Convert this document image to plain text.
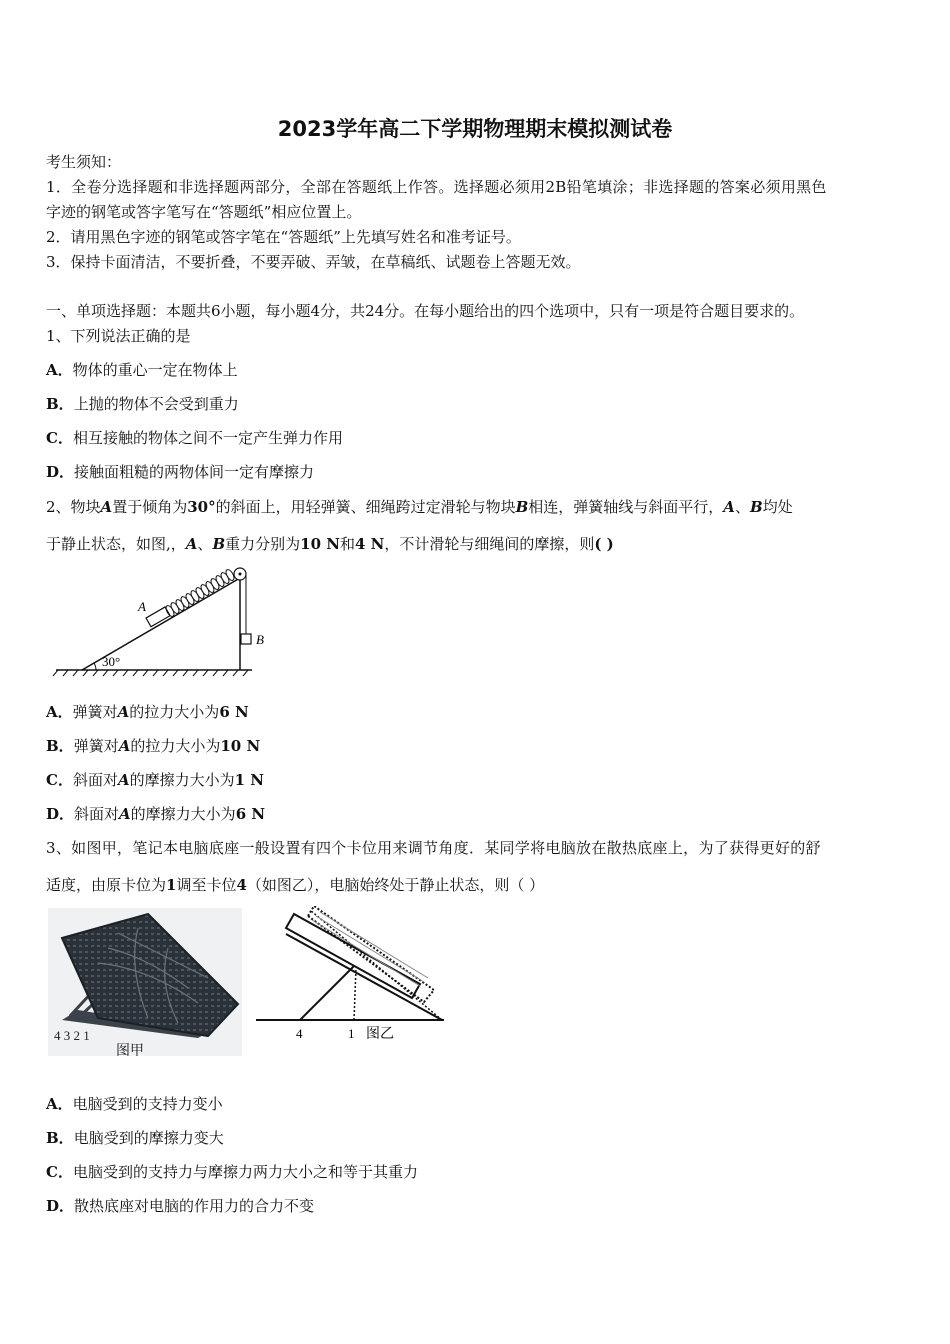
2023学年高二下学期物理期末模拟测试卷
考生须知：
1．全卷分选择题和非选择题两部分，全部在答题纸上作答。选择题必须用2B铅笔填涂；非选择题的答案必须用黑色
字迹的钢笔或答字笔写在“答题纸”相应位置上。
2．请用黑色字迹的钢笔或答字笔在“答题纸”上先填写姓名和准考证号。
3．保持卡面清洁，不要折叠，不要弄破、弄皱，在草稿纸、试题卷上答题无效。
一、单项选择题：本题共6小题，每小题4分，共24分。在每小题给出的四个选项中，只有一项是符合题目要求的。
1、下列说法正确的是
A．物体的重心一定在物体上
B．上抛的物体不会受到重力
C．相互接触的物体之间不一定产生弹力作用
D．接触面粗糙的两物体间一定有摩擦力
2、物块A置于倾角为30°的斜面上，用轻弹簧、细绳跨过定滑轮与物块B相连，弹簧轴线与斜面平行，A、B均处
于静止状态，如图,，A、B重力分别为10 N和4 N，不计滑轮与细绳间的摩擦，则( )
30°
A
B
A．弹簧对A的拉力大小为6 N
B．弹簧对A的拉力大小为10 N
C．斜面对A的摩擦力大小为1 N
D．斜面对A的摩擦力大小为6 N
3、如图甲，笔记本电脑底座一般设置有四个卡位用来调节角度．某同学将电脑放在散热底座上，为了获得更好的舒
适度，由原卡位为1调至卡位4（如图乙），电脑始终处于静止状态，则（ ）
4 3 2 1
图甲
4	1 图乙
A．电脑受到的支持力变小
B．电脑受到的摩擦力变大
C．电脑受到的支持力与摩擦力两力大小之和等于其重力
D．散热底座对电脑的作用力的合力不变
